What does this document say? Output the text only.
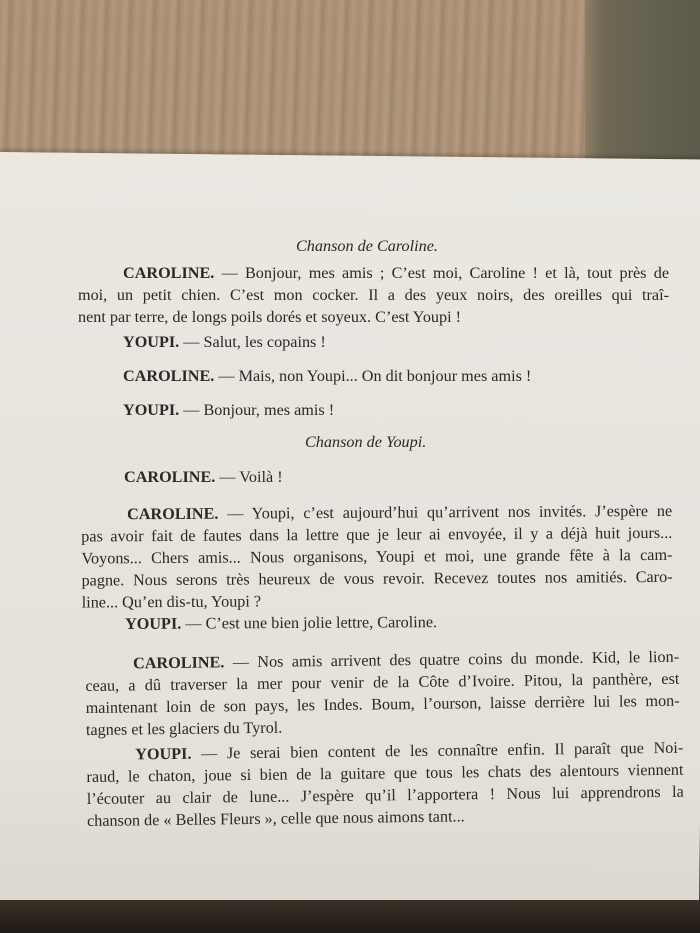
Chanson de Caroline.
CAROLINE. — Bonjour, mes amis ; C’est moi, Caroline ! et là, tout près de
moi, un petit chien. C’est mon cocker. Il a des yeux noirs, des oreilles qui traî-
nent par terre, de longs poils dorés et soyeux. C’est Youpi !
YOUPI. — Salut, les copains !
CAROLINE. — Mais, non Youpi... On dit bonjour mes amis !
YOUPI. — Bonjour, mes amis !
Chanson de Youpi.
CAROLINE. — Voilà !
CAROLINE. — Youpi, c’est aujourd’hui qu’arrivent nos invités. J’espère ne
pas avoir fait de fautes dans la lettre que je leur ai envoyée, il y a déjà huit jours...
Voyons... Chers amis... Nous organisons, Youpi et moi, une grande fête à la cam-
pagne. Nous serons très heureux de vous revoir. Recevez toutes nos amitiés. Caro-
line... Qu’en dis-tu, Youpi ?
YOUPI. — C’est une bien jolie lettre, Caroline.
CAROLINE. — Nos amis arrivent des quatre coins du monde. Kid, le lion-
ceau, a dû traverser la mer pour venir de la Côte d’Ivoire. Pitou, la panthère, est
maintenant loin de son pays, les Indes. Boum, l’ourson, laisse derrière lui les mon-
tagnes et les glaciers du Tyrol.
YOUPI. — Je serai bien content de les connaître enfin. Il paraît que Noi-
raud, le chaton, joue si bien de la guitare que tous les chats des alentours viennent
l’écouter au clair de lune... J’espère qu’il l’apportera ! Nous lui apprendrons la
chanson de « Belles Fleurs », celle que nous aimons tant...
